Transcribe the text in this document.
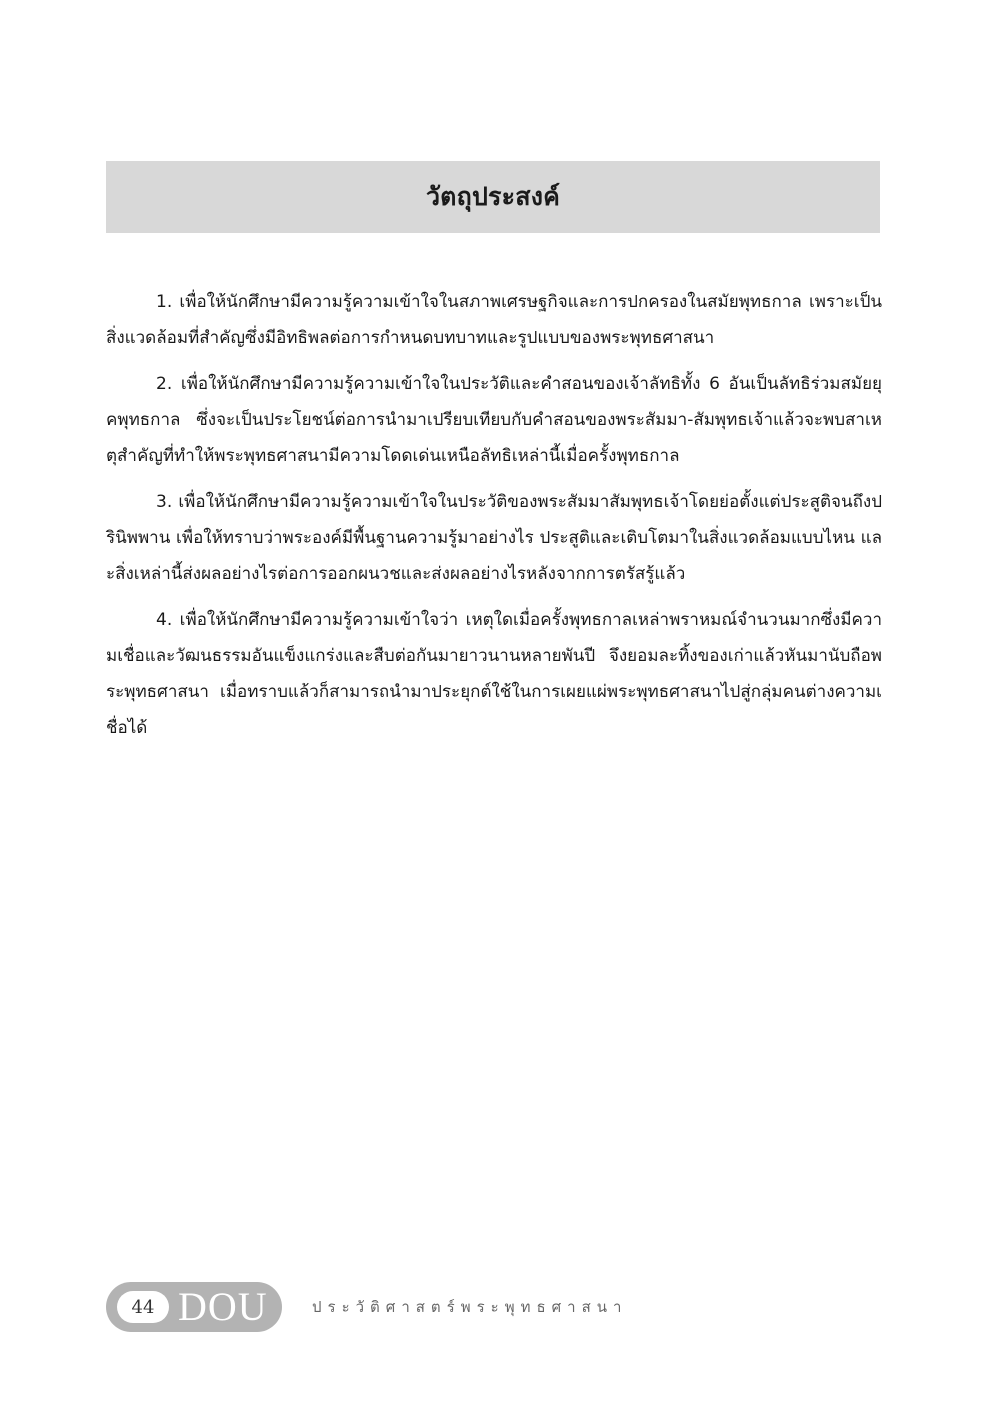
วัตถุประสงค์

1. เพื่อให้นักศึกษามีความรู้ความเข้าใจในสภาพเศรษฐกิจและการปกครองในสมัยพุทธกาล เพราะเป็นสิ่งแวดล้อมที่สำคัญซึ่งมีอิทธิพลต่อการกำหนดบทบาทและรูปแบบของพระพุทธศาสนา

2. เพื่อให้นักศึกษามีความรู้ความเข้าใจในประวัติและคำสอนของเจ้าลัทธิทั้ง 6 อันเป็นลัทธิร่วมสมัยยุคพุทธกาล ซึ่งจะเป็นประโยชน์ต่อการนำมาเปรียบเทียบกับคำสอนของพระสัมมา-สัมพุทธเจ้าแล้วจะพบสาเหตุสำคัญที่ทำให้พระพุทธศาสนามีความโดดเด่นเหนือลัทธิเหล่านี้เมื่อครั้งพุทธกาล

3. เพื่อให้นักศึกษามีความรู้ความเข้าใจในประวัติของพระสัมมาสัมพุทธเจ้าโดยย่อตั้งแต่ประสูติจนถึงปรินิพพาน เพื่อให้ทราบว่าพระองค์มีพื้นฐานความรู้มาอย่างไร ประสูติและเติบโตมาในสิ่งแวดล้อมแบบไหน และสิ่งเหล่านี้ส่งผลอย่างไรต่อการออกผนวชและส่งผลอย่างไรหลังจากการตรัสรู้แล้ว

4. เพื่อให้นักศึกษามีความรู้ความเข้าใจว่า เหตุใดเมื่อครั้งพุทธกาลเหล่าพราหมณ์จำนวนมากซึ่งมีความเชื่อและวัฒนธรรมอันแข็งแกร่งและสืบต่อกันมายาวนานหลายพันปี จึงยอมละทิ้งของเก่าแล้วหันมานับถือพระพุทธศาสนา เมื่อทราบแล้วก็สามารถนำมาประยุกต์ใช้ในการเผยแผ่พระพุทธศาสนาไปสู่กลุ่มคนต่างความเชื่อได้

44 DOU	ประวัติศาสตร์พระพุทธศาสนา
